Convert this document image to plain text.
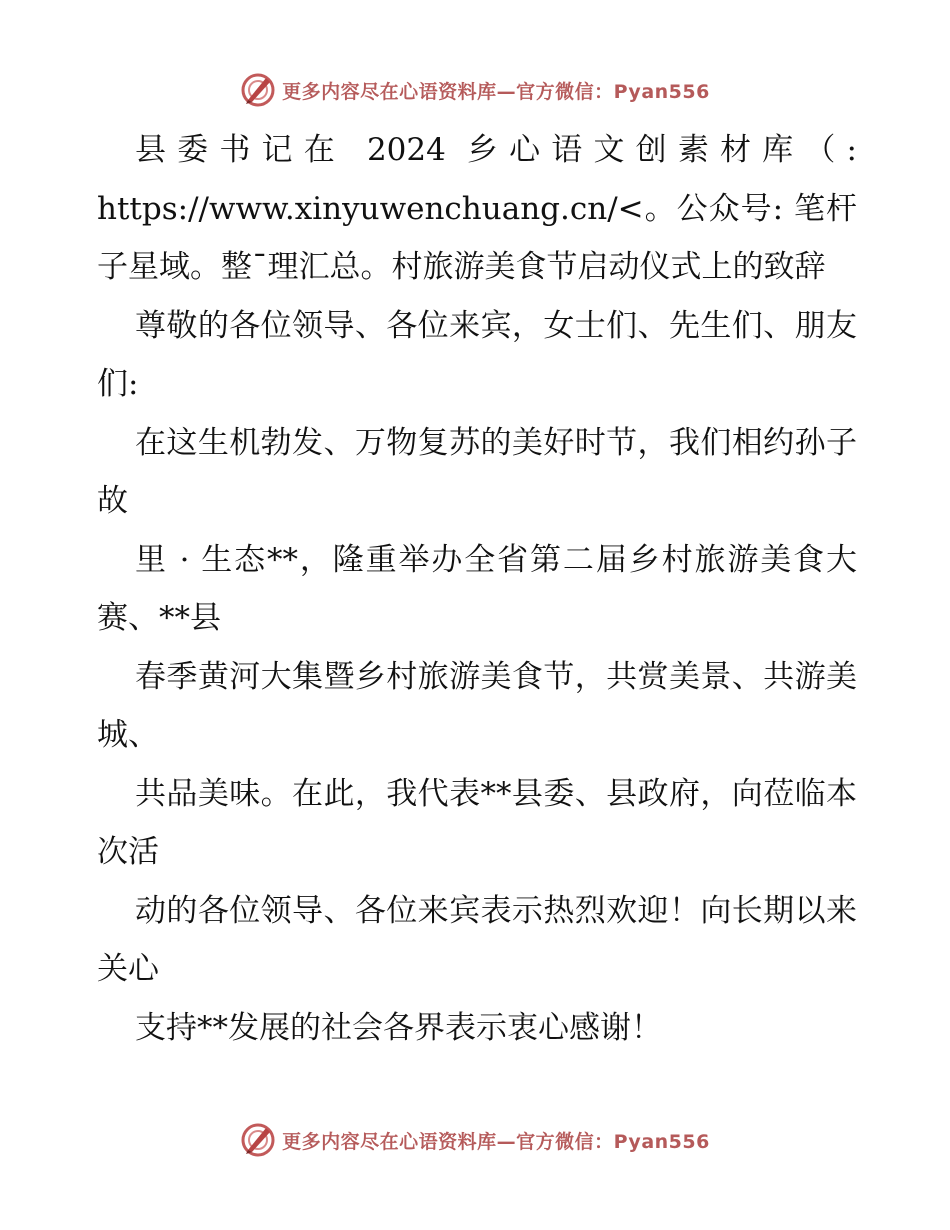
更多内容尽在心语资料库—官方微信：Pyan556

县委书记在 2024 乡心语文创素材库（: https://www.xinyuwenchuang.cn/<。公众号: 笔杆子星域。整¯理汇总。村旅游美食节启动仪式上的致辞

尊敬的各位领导、各位来宾，女士们、先生们、朋友们:

在这生机勃发、万物复苏的美好时节，我们相约孙子故

里 · 生态**，隆重举办全省第二届乡村旅游美食大赛、**县

春季黄河大集暨乡村旅游美食节，共赏美景、共游美城、

共品美味。在此，我代表**县委、县政府，向莅临本次活

动的各位领导、各位来宾表示热烈欢迎！向长期以来关心

支持**发展的社会各界表示衷心感谢！

更多内容尽在心语资料库—官方微信：Pyan556
